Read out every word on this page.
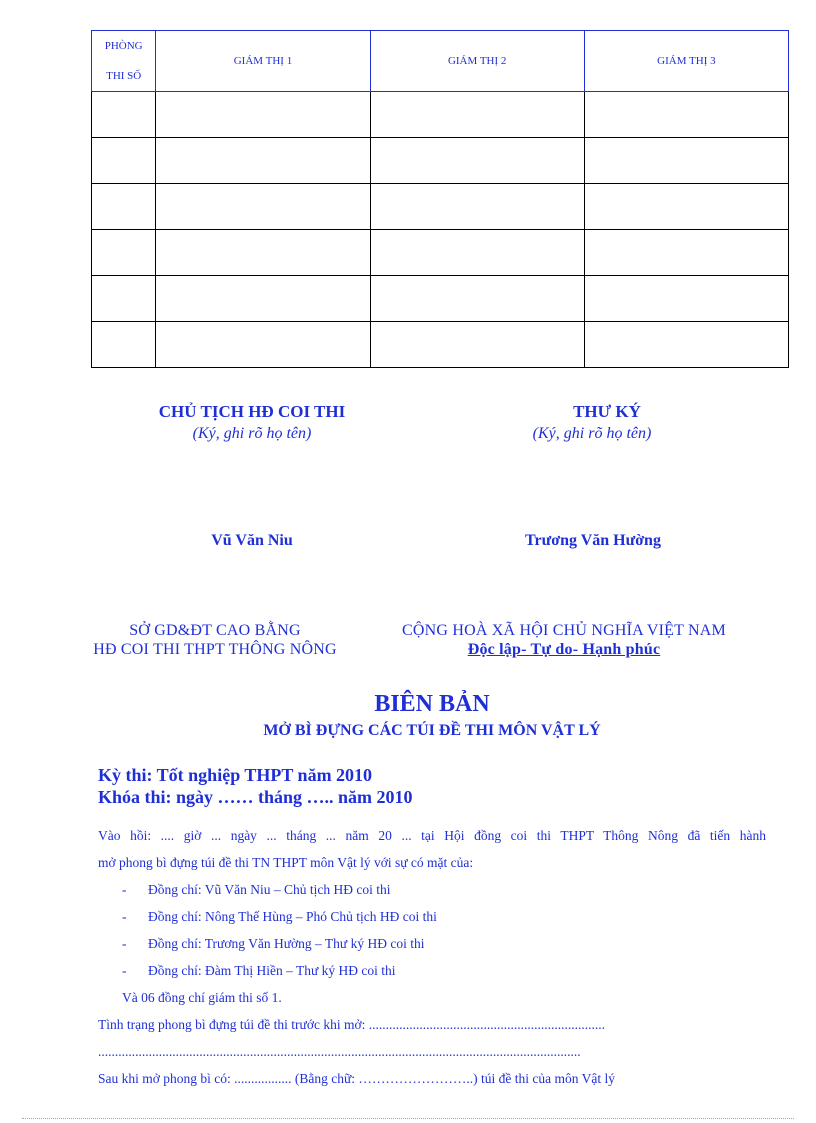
PHÒNG
THI SỐ	GIÁM THỊ 1	GIÁM THỊ 2	GIÁM THỊ 3

CHỦ TỊCH HĐ COI THI
(Ký, ghi rõ họ tên)
THƯ KÝ
(Ký, ghi rõ họ tên)
Vũ Văn Niu	Trương Văn Hường
SỞ GD&ĐT CAO BẰNG
HĐ COI THI THPT THÔNG NÔNG
CỘNG HOÀ XÃ HỘI CHỦ NGHĨA VIỆT NAM
Độc lập- Tự do- Hạnh phúc
BIÊN BẢN
MỞ BÌ ĐỰNG CÁC TÚI ĐỀ THI MÔN VẬT LÝ
Kỳ thi: Tốt nghiệp THPT năm 2010
Khóa thi: ngày …… tháng ….. năm 2010
Vào hồi: .... giờ ... ngày ... tháng ... năm 20 ... tại Hội đồng coi thi THPT Thông Nông đã tiến hành
mở phong bì đựng túi đề thi TN THPT môn Vật lý với sự có mặt của:
- Đồng chí: Vũ Văn Niu – Chủ tịch HĐ coi thi
- Đồng chí: Nông Thế Hùng – Phó Chủ tịch HĐ coi thi
- Đồng chí: Trương Văn Hường – Thư ký HĐ coi thi
- Đồng chí: Đàm Thị Hiền – Thư ký HĐ coi thi
Và 06 đồng chí giám thi số 1.
Tình trạng phong bì đựng túi đề thi trước khi mở: ......................................................................
...............................................................................................................................................
Sau khi mở phong bì có: ................. (Bằng chữ: ……………………..) túi đề thi của môn Vật lý
